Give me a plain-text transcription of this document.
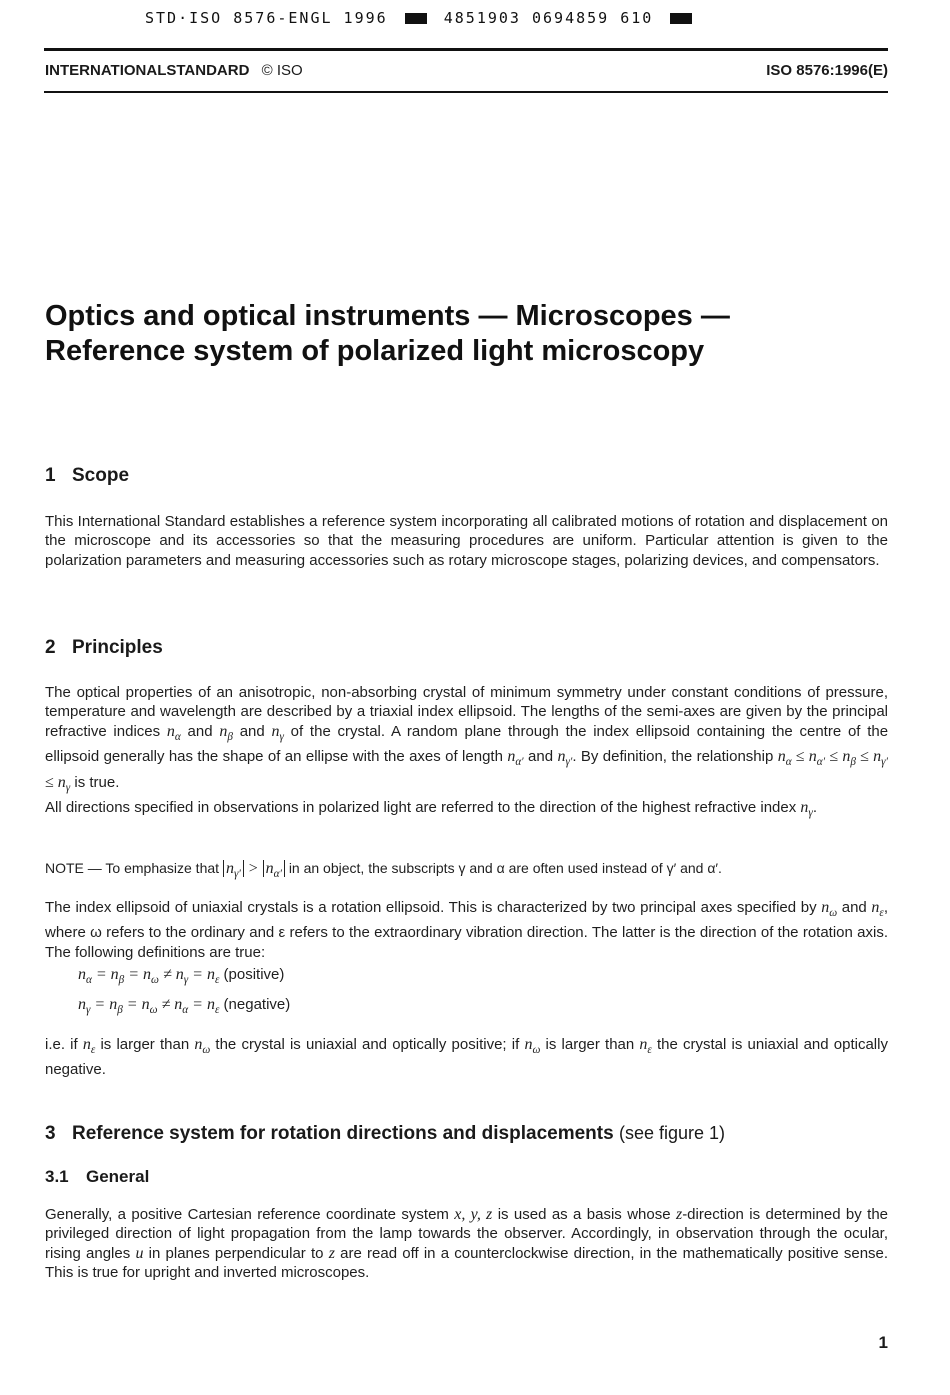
STD·ISO 8576-ENGL 1996	4851903 0694859 610
INTERNATIONALSTANDARD © ISO	ISO 8576:1996(E)
Optics and optical instruments — Microscopes —
Reference system of polarized light microscopy
1 Scope

This International Standard establishes a reference system incorporating all calibrated motions of rotation and displacement on the microscope and its accessories so that the measuring procedures are uniform. Particular attention is given to the polarization parameters and measuring accessories such as rotary microscope stages, polarizing devices, and compensators.

2 Principles

The optical properties of an anisotropic, non-absorbing crystal of minimum symmetry under constant conditions of pressure, temperature and wavelength are described by a triaxial index ellipsoid. The lengths of the semi-axes are given by the principal refractive indices $n_\alpha$ and $n_\beta$ and $n_\gamma$ of the crystal. A random plane through the index ellipsoid containing the centre of the ellipsoid generally has the shape of an ellipse with the axes of length $n_{\alpha'}$ and $n_{\gamma'}$. By definition, the relationship $n_\alpha \le n_{\alpha'} \le n_\beta \le n_{\gamma'} \le n_\gamma$ is true.

All directions specified in observations in polarized light are referred to the direction of the highest refractive index $n_\gamma$.

NOTE — To emphasize that $n_{\gamma'} > n_{\alpha'}$ in an object, the subscripts γ and α are often used instead of γ′ and α′.

The index ellipsoid of uniaxial crystals is a rotation ellipsoid. This is characterized by two principal axes specified by $n_\omega$ and $n_\varepsilon$, where ω refers to the ordinary and ε refers to the extraordinary vibration direction. The latter is the direction of the rotation axis. The following definitions are true:

$n_\alpha = n_\beta = n_\omega \ne n_\gamma = n_\varepsilon$ (positive)

$n_\gamma = n_\beta = n_\omega \ne n_\alpha = n_\varepsilon$ (negative)

i.e. if $n_\varepsilon$ is larger than $n_\omega$ the crystal is uniaxial and optically positive; if $n_\omega$ is larger than $n_\varepsilon$ the crystal is uniaxial and optically negative.

3 Reference system for rotation directions and displacements (see figure 1)
3.1 General

Generally, a positive Cartesian reference coordinate system x, y, z is used as a basis whose z-direction is determined by the privileged direction of light propagation from the lamp towards the observer. Accordingly, in observation through the ocular, rising angles u in planes perpendicular to z are read off in a counterclockwise direction, in the mathematically positive sense. This is true for upright and inverted microscopes.

1
